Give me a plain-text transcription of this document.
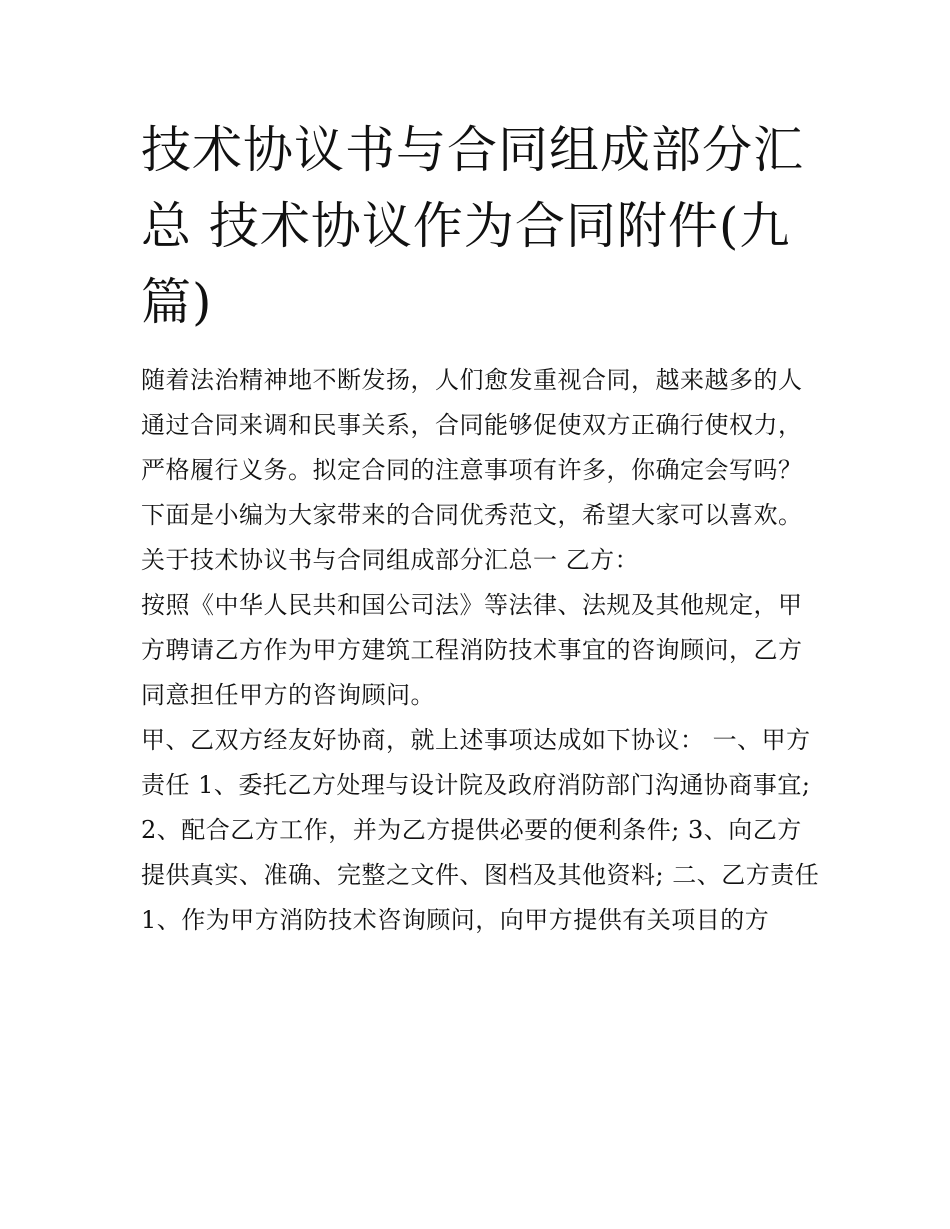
技术协议书与合同组成部分汇总 技术协议作为合同附件(九篇)

随着法治精神地不断发扬，人们愈发重视合同，越来越多的人通过合同来调和民事关系，合同能够促使双方正确行使权力，严格履行义务。拟定合同的注意事项有许多，你确定会写吗？下面是小编为大家带来的合同优秀范文，希望大家可以喜欢。

关于技术协议书与合同组成部分汇总一 乙方：

按照《中华人民共和国公司法》等法律、法规及其他规定，甲方聘请乙方作为甲方建筑工程消防技术事宜的咨询顾问，乙方同意担任甲方的咨询顾问。

甲、乙双方经友好协商，就上述事项达成如下协议： 一、甲方责任 1、委托乙方处理与设计院及政府消防部门沟通协商事宜;

2、配合乙方工作，并为乙方提供必要的便利条件; 3、向乙方提供真实、准确、完整之文件、图档及其他资料; 二、乙方责任

1、作为甲方消防技术咨询顾问，向甲方提供有关项目的方
